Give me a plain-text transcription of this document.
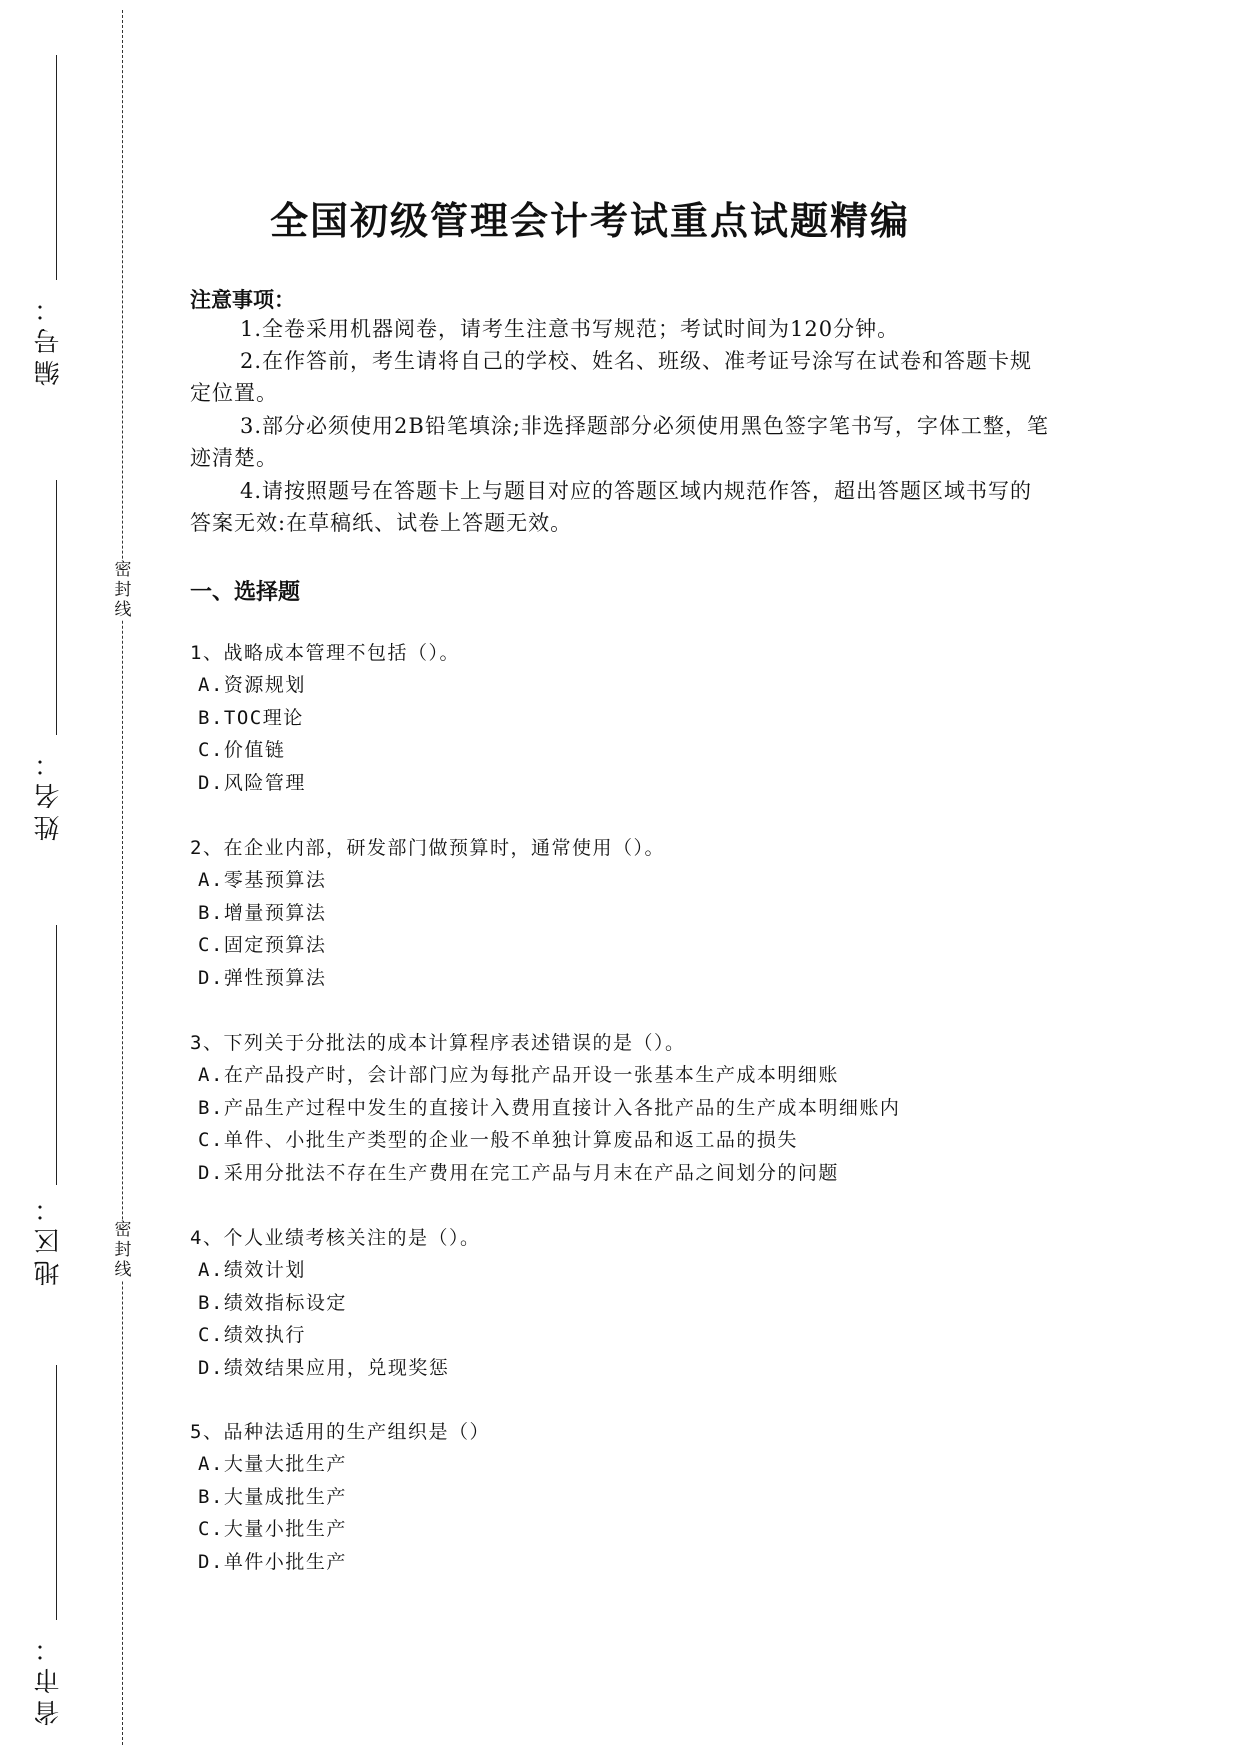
编号：
姓名：
地区：
省市：
密封线
密封线
全国初级管理会计考试重点试题精编
注意事项：
1.全卷采用机器阅卷，请考生注意书写规范；考试时间为120分钟。
2.在作答前，考生请将自己的学校、姓名、班级、准考证号涂写在试卷和答题卡规定位置。
3.部分必须使用2B铅笔填涂;非选择题部分必须使用黑色签字笔书写，字体工整，笔迹清楚。
4.请按照题号在答题卡上与题目对应的答题区域内规范作答，超出答题区域书写的答案无效:在草稿纸、试卷上答题无效。
一、选择题
1、战略成本管理不包括（）。
A.资源规划
B.TOC理论
C.价值链
D.风险管理
2、在企业内部，研发部门做预算时，通常使用（）。
A.零基预算法
B.增量预算法
C.固定预算法
D.弹性预算法
3、下列关于分批法的成本计算程序表述错误的是（）。
A.在产品投产时，会计部门应为每批产品开设一张基本生产成本明细账
B.产品生产过程中发生的直接计入费用直接计入各批产品的生产成本明细账内
C.单件、小批生产类型的企业一般不单独计算废品和返工品的损失
D.采用分批法不存在生产费用在完工产品与月末在产品之间划分的问题
4、个人业绩考核关注的是（）。
A.绩效计划
B.绩效指标设定
C.绩效执行
D.绩效结果应用，兑现奖惩
5、品种法适用的生产组织是（）
A.大量大批生产
B.大量成批生产
C.大量小批生产
D.单件小批生产
